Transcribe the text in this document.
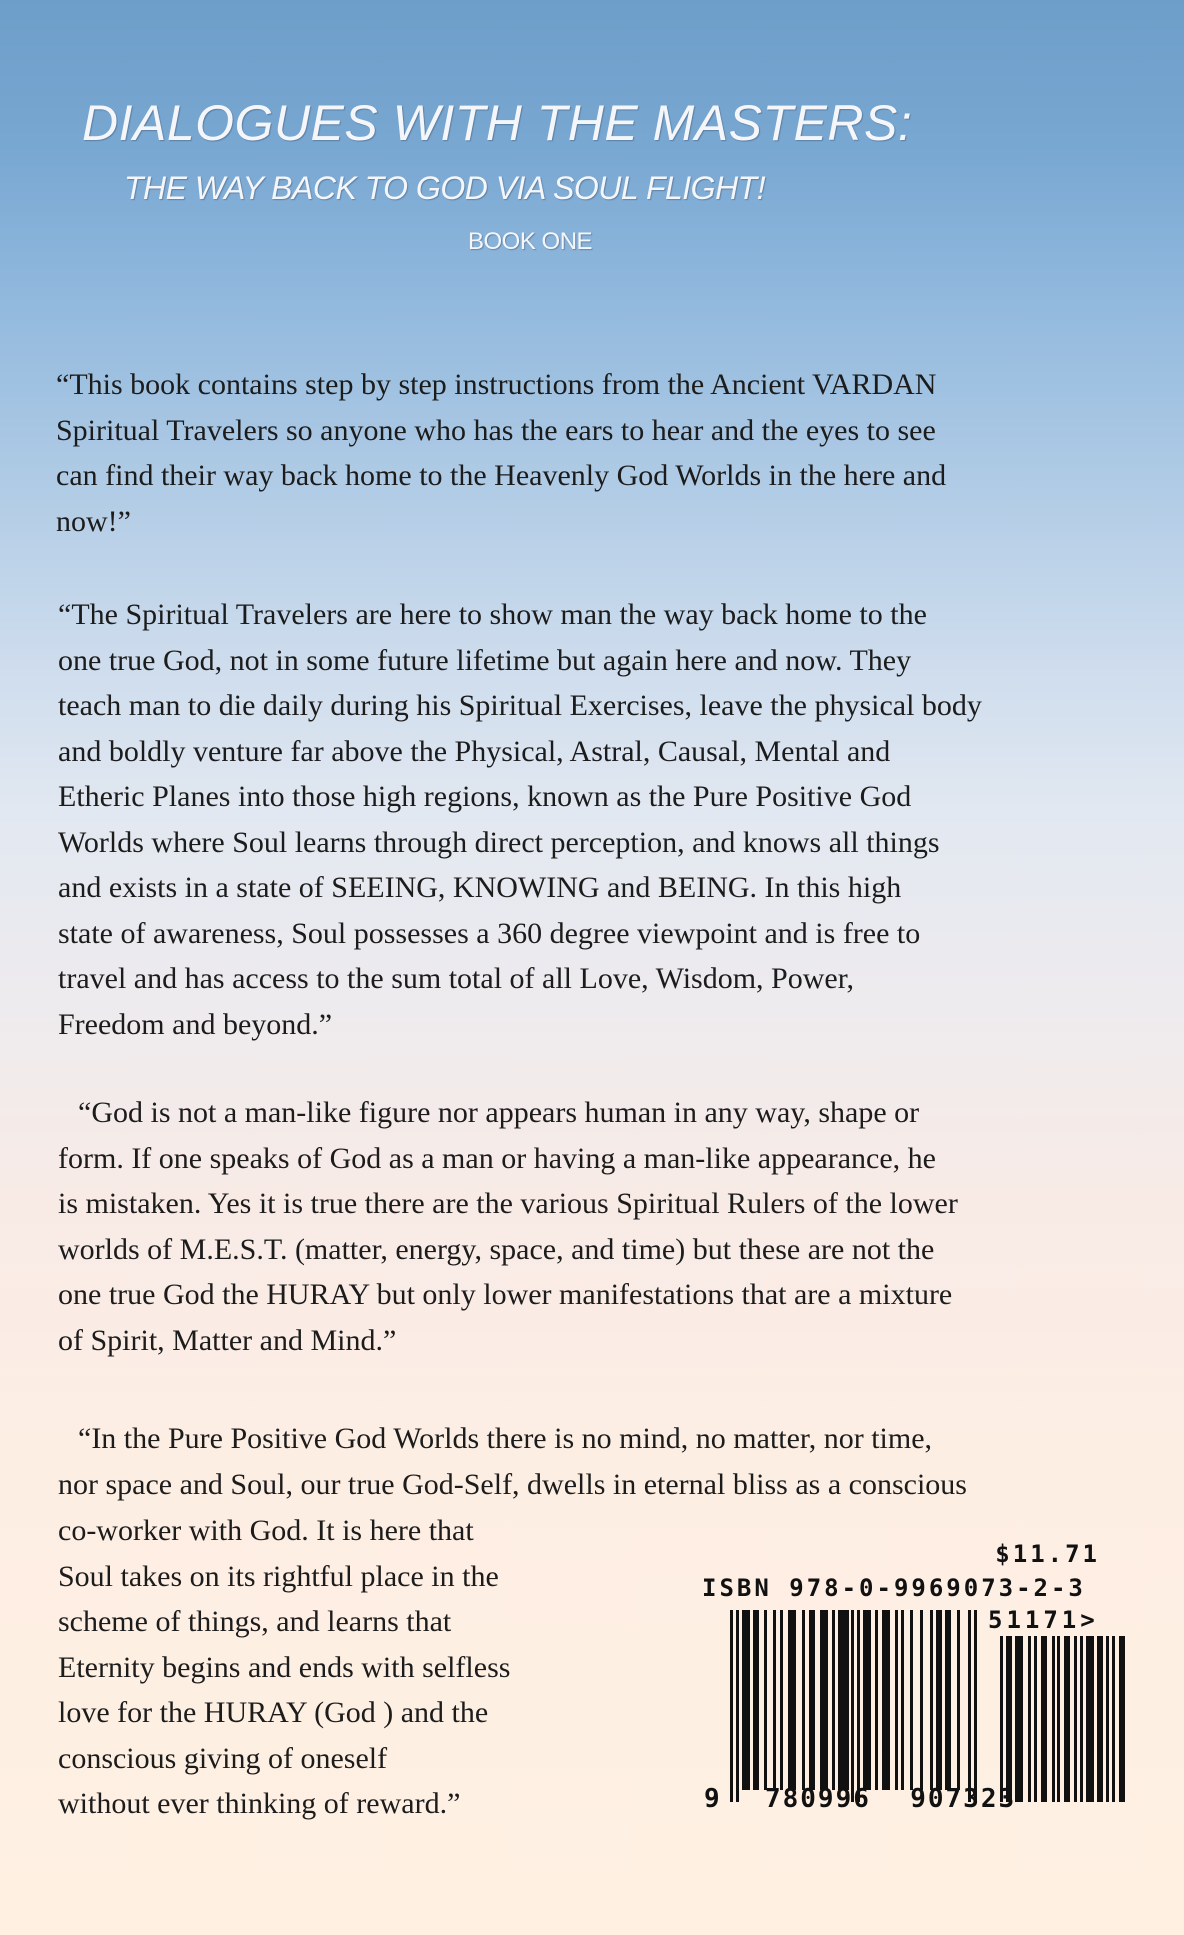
DIALOGUES WITH THE MASTERS:
THE WAY BACK TO GOD VIA SOUL FLIGHT!
BOOK ONE
“This book contains step by step instructions from the Ancient VARDAN
Spiritual Travelers so anyone who has the ears to hear and the eyes to see
can find their way back home to the Heavenly God Worlds in the here and
now!”
“The Spiritual Travelers are here to show man the way back home to the
one true God, not in some future lifetime but again here and now. They
teach man to die daily during his Spiritual Exercises, leave the physical body
and boldly venture far above the Physical, Astral, Causal, Mental and
Etheric Planes into those high regions, known as the Pure Positive God
Worlds where Soul learns through direct perception, and knows all things
and exists in a state of SEEING, KNOWING and BEING. In this high
state of awareness, Soul possesses a 360 degree viewpoint and is free to
travel and has access to the sum total of all Love, Wisdom, Power,
Freedom and beyond.”
“God is not a man-like figure nor appears human in any way, shape or
form. If one speaks of God as a man or having a man-like appearance, he
is mistaken. Yes it is true there are the various Spiritual Rulers of the lower
worlds of M.E.S.T. (matter, energy, space, and time) but these are not the
one true God the HURAY but only lower manifestations that are a mixture
of Spirit, Matter and Mind.”
“In the Pure Positive God Worlds there is no mind, no matter, nor time,
nor space and Soul, our true God-Self, dwells in eternal bliss as a conscious
co-worker with God. It is here that
Soul takes on its rightful place in the
scheme of things, and learns that
Eternity begins and ends with selfless
love for the HURAY (God ) and the
conscious giving of oneself
without ever thinking of reward.”
$11.71
ISBN 978-0-9969073-2-3
51171>
9 780996 907323
